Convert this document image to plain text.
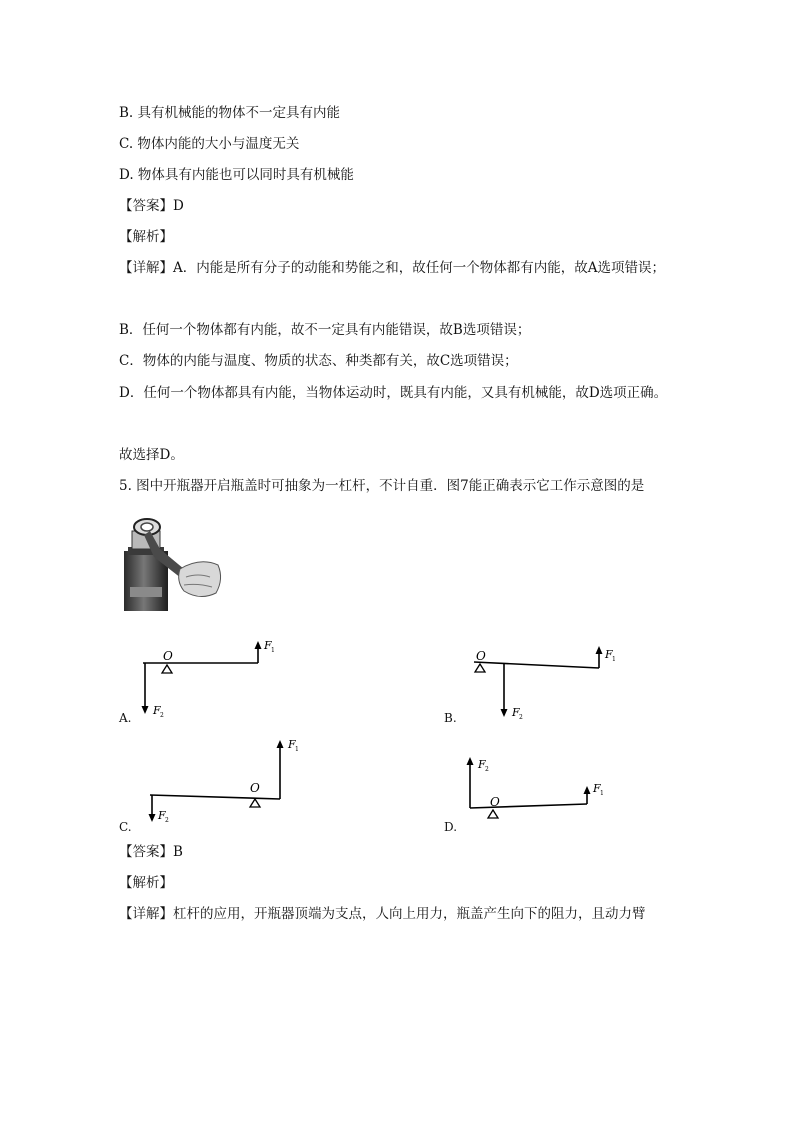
B. 具有机械能的物体不一定具有内能
C. 物体内能的大小与温度无关
D. 物体具有内能也可以同时具有机械能
【答案】D
【解析】
【详解】A．内能是所有分子的动能和势能之和，故任何一个物体都有内能，故A选项错误；
B．任何一个物体都有内能，故不一定具有内能错误，故B选项错误；
C．物体的内能与温度、物质的状态、种类都有关，故C选项错误；
D．任何一个物体都具有内能，当物体运动时，既具有内能，又具有机械能，故D选项正确。
故选择D。
5. 图中开瓶器开启瓶盖时可抽象为一杠杆，不计自重．图7能正确表示它工作示意图的是
O
F 1
F 2
A.
O	F 1
F 2
B.
O
F 1
F 2
C.
O
F 1
F 2
D.
【答案】B
【解析】
【详解】杠杆的应用，开瓶器顶端为支点，人向上用力，瓶盖产生向下的阻力，且动力臂
